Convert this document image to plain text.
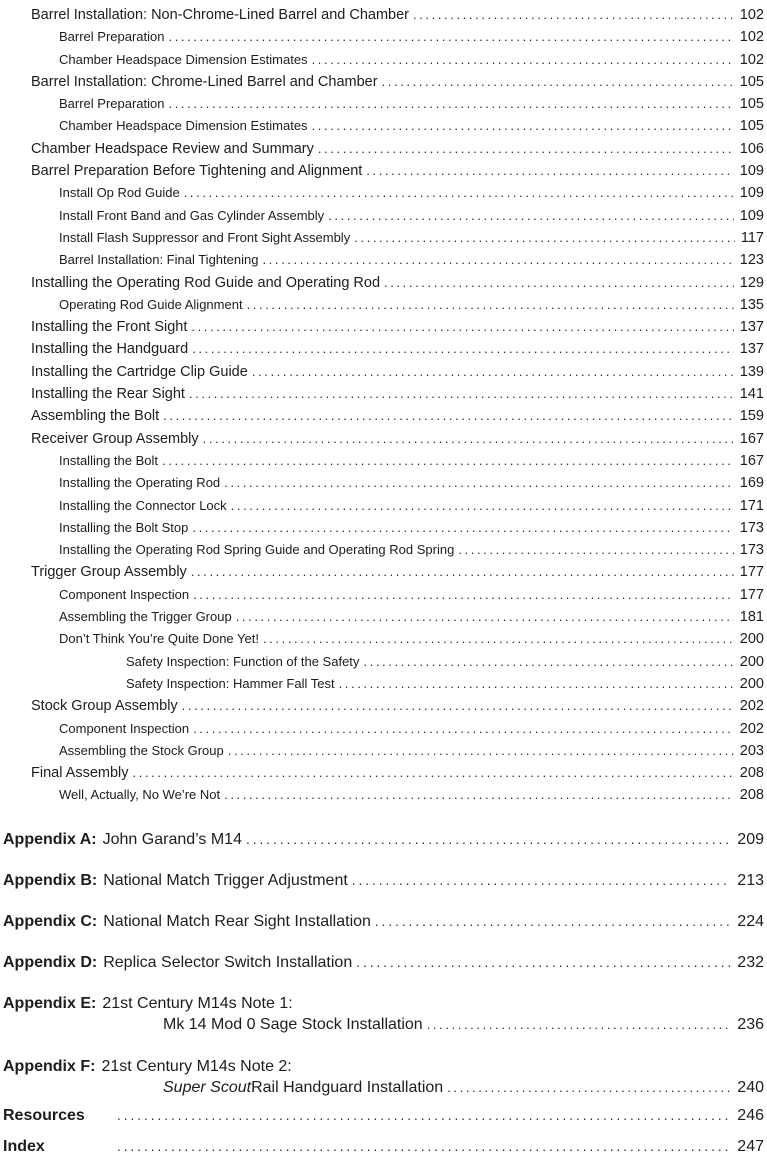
Barrel Installation: Non-Chrome-Lined Barrel and Chamber .....	102
Barrel Preparation .....	102
Chamber Headspace Dimension Estimates .....	102
Barrel Installation: Chrome-Lined Barrel and Chamber .....	105
Barrel Preparation .....	105
Chamber Headspace Dimension Estimates .....	105
Chamber Headspace Review and Summary .....	106
Barrel Preparation Before Tightening and Alignment .....	109
Install Op Rod Guide .....	109
Install Front Band and Gas Cylinder Assembly .....	109
Install Flash Suppressor and Front Sight Assembly .....	117
Barrel Installation: Final Tightening .....	123
Installing the Operating Rod Guide and Operating Rod .....	129
Operating Rod Guide Alignment .....	135
Installing the Front Sight .....	137
Installing the Handguard .....	137
Installing the Cartridge Clip Guide .....	139
Installing the Rear Sight .....	141
Assembling the Bolt .....	159
Receiver Group Assembly .....	167
Installing the Bolt .....	167
Installing the Operating Rod .....	169
Installing the Connector Lock .....	171
Installing the Bolt Stop .....	173
Installing the Operating Rod Spring Guide and Operating Rod Spring .....	173
Trigger Group Assembly .....	177
Component Inspection .....	177
Assembling the Trigger Group .....	181
Don’t Think You’re Quite Done Yet! .....	200
Safety Inspection: Function of the Safety .....	200
Safety Inspection: Hammer Fall Test .....	200
Stock Group Assembly .....	202
Component Inspection .....	202
Assembling the Stock Group .....	203
Final Assembly .....	208
Well, Actually, No We’re Not .....	208
Appendix A: John Garand’s M14 .....	209
Appendix B: National Match Trigger Adjustment .....	213
Appendix C: National Match Rear Sight Installation .....	224
Appendix D: Replica Selector Switch Installation .....	232
Appendix E: 21st Century M14s Note 1:
Mk 14 Mod 0 Sage Stock Installation .....	236
Appendix F: 21st Century M14s Note 2:
Super Scout Rail Handguard Installation .....	240
Resources .....	246
Index .....	247
